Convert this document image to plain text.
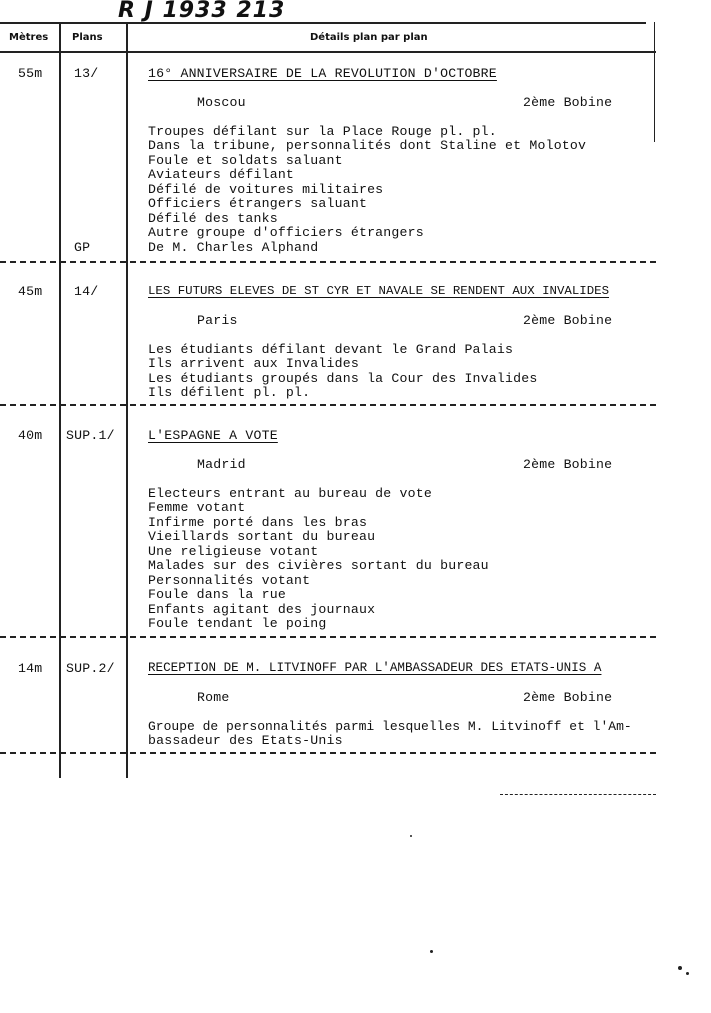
R J 1933 213
Mètres Plans	Détails plan par plan
55m 13/	16° ANNIVERSAIRE DE LA REVOLUTION D'OCTOBRE
Moscou	2ème Bobine
Troupes défilant sur la Place Rouge pl. pl.
Dans la tribune, personnalités dont Staline et Molotov
Foule et soldats saluant
Aviateurs défilant
Défilé de voitures militaires
Officiers étrangers saluant
Défilé des tanks
Autre groupe d'officiers étrangers
GP	De M. Charles Alphand
45m 14/	LES FUTURS ELEVES DE ST CYR ET NAVALE SE RENDENT AUX INVALIDES
Paris	2ème Bobine
Les étudiants défilant devant le Grand Palais
Ils arrivent aux Invalides
Les étudiants groupés dans la Cour des Invalides
Ils défilent pl. pl.
40m SUP.1/	L'ESPAGNE A VOTE
Madrid	2ème Bobine
Electeurs entrant au bureau de vote
Femme votant
Infirme porté dans les bras
Vieillards sortant du bureau
Une religieuse votant
Malades sur des civières sortant du bureau
Personnalités votant
Foule dans la rue
Enfants agitant des journaux
Foule tendant le poing
14m SUP.2/	RECEPTION DE M. LITVINOFF PAR L'AMBASSADEUR DES ETATS-UNIS A
Rome	2ème Bobine
Groupe de personnalités parmi lesquelles M. Litvinoff et l'Am-
bassadeur des Etats-Unis
